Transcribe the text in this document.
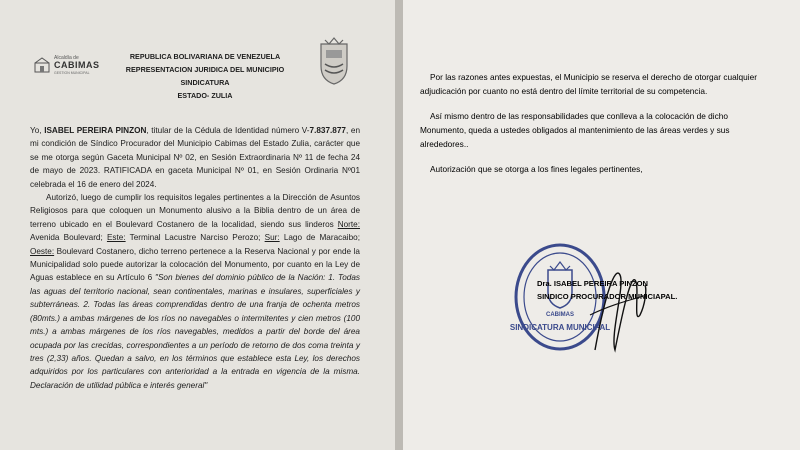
Alcaldía de
CABIMAS
GESTION MUNICIPAL
REPUBLICA BOLIVARIANA DE VENEZUELA
REPRESENTACION JURIDICA DEL MUNICIPIO
SINDICATURA
ESTADO- ZULIA

Yo, ISABEL PEREIRA PINZON, titular de la Cédula de Identidad número V-7.837.877, en mi condición de Síndico Procurador del Municipio Cabimas del Estado Zulia, carácter que se me otorga según Gaceta Municipal Nº 02, en Sesión Extraordinaria Nº 11 de fecha 24 de mayo de 2023. RATIFICADA en gaceta Municipal Nº 01, en Sesión Ordinaria Nº01 celebrada el 16 de enero del 2024.

Autorizó, luego de cumplir los requisitos legales pertinentes a la Dirección de Asuntos Religiosos para que coloquen un Monumento alusivo a la Biblia dentro de un área de terreno ubicado en el Boulevard Costanero de la localidad, siendo sus linderos Norte: Avenida Boulevard; Este: Terminal Lacustre Narciso Perozo; Sur: Lago de Maracaibo; Oeste: Boulevard Costanero, dicho terreno pertenece a la Reserva Nacional y por ende la Municipalidad solo puede autorizar la colocación del Monumento, por cuanto en la Ley de Aguas establece en su Artículo 6 "Son bienes del dominio público de la Nación: 1. Todas las aguas del territorio nacional, sean continentales, marinas e insulares, superficiales y subterráneas. 2. Todas las áreas comprendidas dentro de una franja de ochenta metros (80mts.) a ambas márgenes de los ríos no navegables o intermitentes y cien metros (100 mts.) a ambas márgenes de los ríos navegables, medidos a partir del borde del área ocupada por las crecidas, correspondientes a un período de retorno de dos coma treinta y tres (2,33) años. Quedan a salvo, en los términos que establece esta Ley, los derechos adquiridos por los particulares con anterioridad a la entrada en vigencia de la misma. Declaración de utilidad pública e interés general"

Por las razones antes expuestas, el Municipio se reserva el derecho de otorgar cualquier adjudicación por cuanto no está dentro del límite territorial de su competencia.

Así mismo dentro de las responsabilidades que conlleva a la colocación de dicho Monumento, queda a ustedes obligados al mantenimiento de las áreas verdes y sus alrededores..

Autorización que se otorga a los fines legales pertinentes,

CABIMAS
SINDICATURA MUNICIPAL
Dra. ISABEL PEREIRA PINZON
SINDICO PROCURADOR MUNICIAPAL.
